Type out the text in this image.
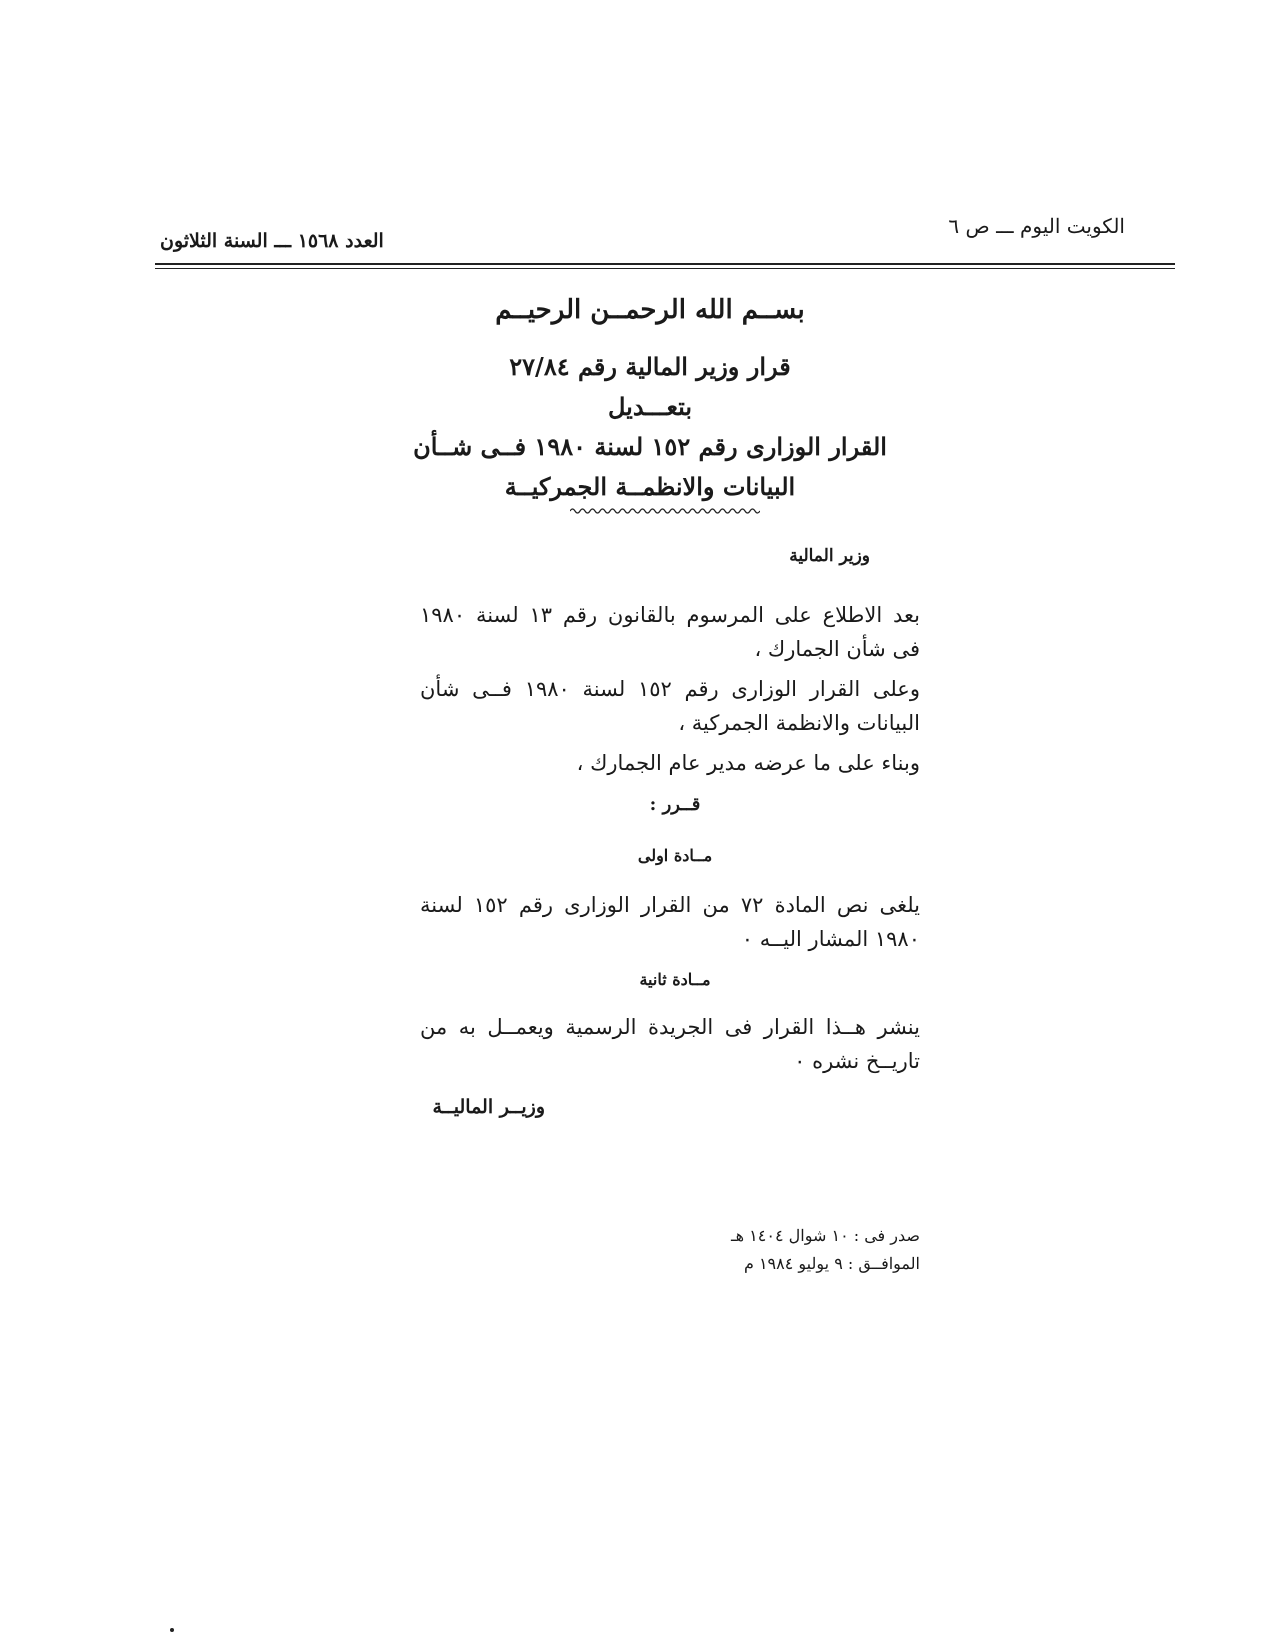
الكويت اليوم ـــ ص ٦
العدد ١٥٦٨ ـــ السنة الثلاثون
بســم الله الرحمــن الرحيــم
قرار وزير المالية رقم ٢٧/٨٤
بتعـــديل
القرار الوزارى رقم ١٥٢ لسنة ١٩٨٠ فــى شــأن
البيانات والانظمــة الجمركيــة
وزير المالية
بعد الاطلاع على المرسوم بالقانون رقم ١٣ لسنة ١٩٨٠ فى شأن الجمارك ،
وعلى القرار الوزارى رقم ١٥٢ لسنة ١٩٨٠ فــى شأن البيانات والانظمة الجمركية ،
وبناء على ما عرضه مدير عام الجمارك ،
قــرر :
مــادة اولى
يلغى نص المادة ٧٢ من القرار الوزارى رقم ١٥٢ لسنة ١٩٨٠ المشار اليــه ٠
مــادة ثانية
ينشر هــذا القرار فى الجريدة الرسمية ويعمــل به من تاريــخ نشره ٠
وزيــر الماليــة
صدر فى : ١٠ شوال ١٤٠٤ هـ
الموافــق : ٩ يوليو ١٩٨٤ م
